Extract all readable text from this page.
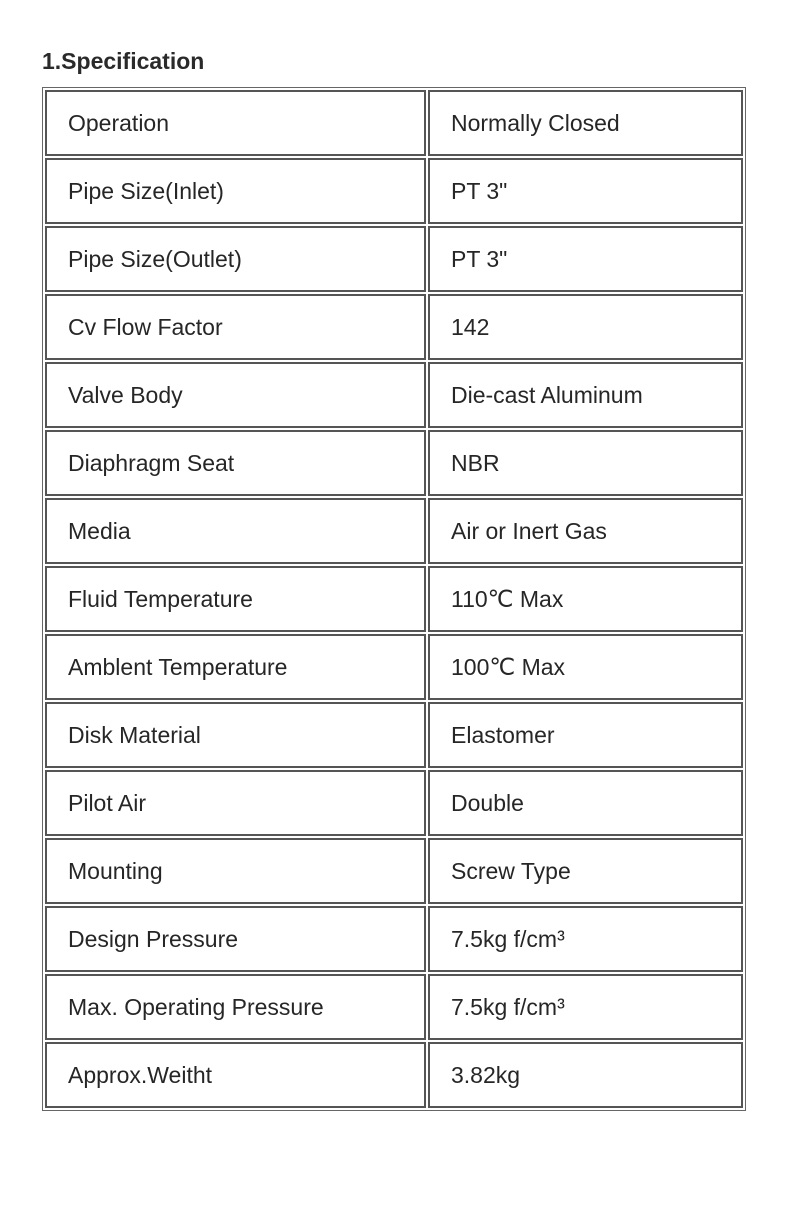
1.Specification
Operation	Normally Closed
Pipe Size(Inlet)	PT 3"
Pipe Size(Outlet)	PT 3"
Cv Flow Factor	142
Valve Body	Die-cast Aluminum
Diaphragm Seat	NBR
Media	Air or Inert Gas
Fluid Temperature	110℃ Max
Amblent Temperature	100℃ Max
Disk Material	Elastomer
Pilot Air	Double
Mounting	Screw Type
Design Pressure	7.5kg f/cm³
Max. Operating Pressure	7.5kg f/cm³
Approx.Weitht	3.82kg
